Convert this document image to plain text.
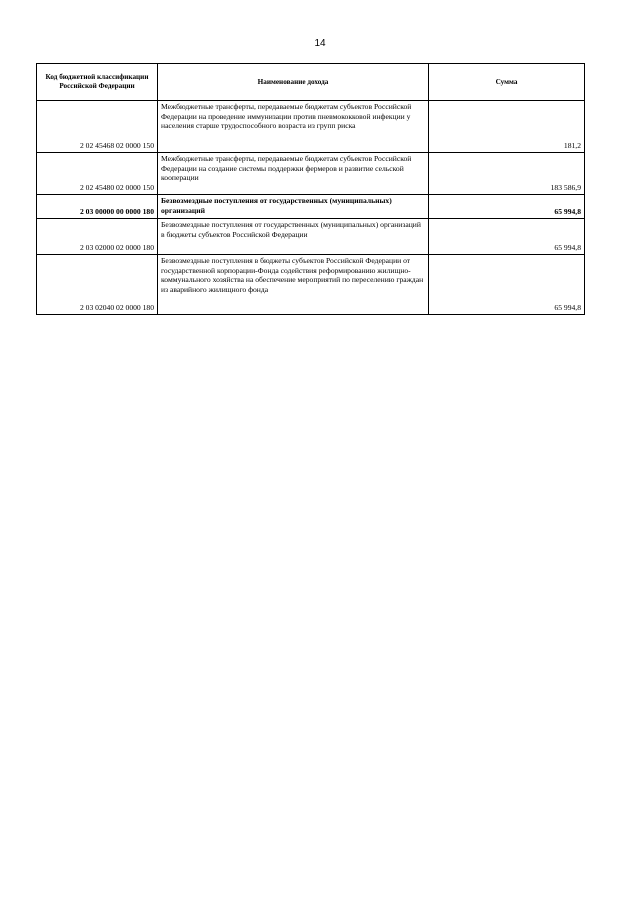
14
Код бюджетной классификации Российской Федерации	Наименование дохода	Сумма
2 02 45468 02 0000 150	Межбюджетные трансферты, передаваемые бюджетам субъектов Российской Федерации на проведение иммунизации против пневмококковой инфекции у населения старше трудоспособного возраста из групп риска	181,2
2 02 45480 02 0000 150	Межбюджетные трансферты, передаваемые бюджетам субъектов Российской Федерации на создание системы поддержки фермеров и развитие сельской кооперации	183 586,9
2 03 00000 00 0000 180	Безвозмездные поступления от государственных (муниципальных) организаций	65 994,8
2 03 02000 02 0000 180	Безвозмездные поступления от государственных (муниципальных) организаций в бюджеты субъектов Российской Федерации	65 994,8
2 03 02040 02 0000 180	Безвозмездные поступления в бюджеты субъектов Российской Федерации от государственной корпорации-Фонда содействия реформированию жилищно-коммунального хозяйства на обеспечение мероприятий по переселению граждан из аварийного жилищного фонда	65 994,8
